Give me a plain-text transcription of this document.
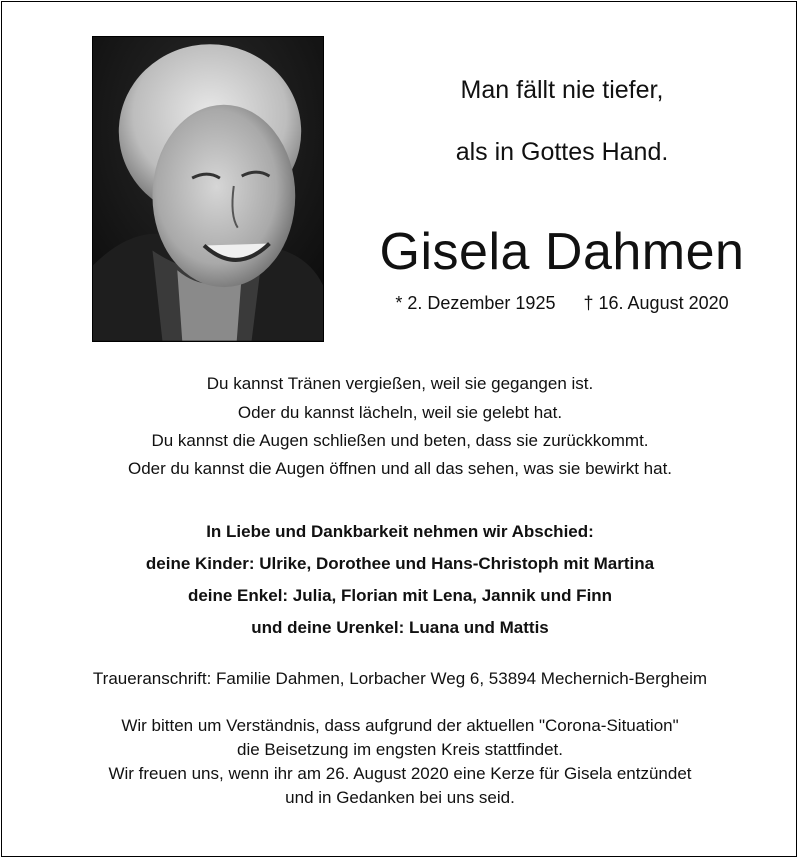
Man fällt nie tiefer,
als in Gottes Hand.
Gisela Dahmen
* 2. Dezember 1925 † 16. August 2020
Du kannst Tränen vergießen, weil sie gegangen ist.
Oder du kannst lächeln, weil sie gelebt hat.
Du kannst die Augen schließen und beten, dass sie zurückkommt.
Oder du kannst die Augen öffnen und all das sehen, was sie bewirkt hat.
In Liebe und Dankbarkeit nehmen wir Abschied:
deine Kinder: Ulrike, Dorothee und Hans-Christoph mit Martina
deine Enkel: Julia, Florian mit Lena, Jannik und Finn
und deine Urenkel: Luana und Mattis
Traueranschrift: Familie Dahmen, Lorbacher Weg 6, 53894 Mechernich-Bergheim
Wir bitten um Verständnis, dass aufgrund der aktuellen "Corona-Situation"
die Beisetzung im engsten Kreis stattfindet.
Wir freuen uns, wenn ihr am 26. August 2020 eine Kerze für Gisela entzündet
und in Gedanken bei uns seid.
